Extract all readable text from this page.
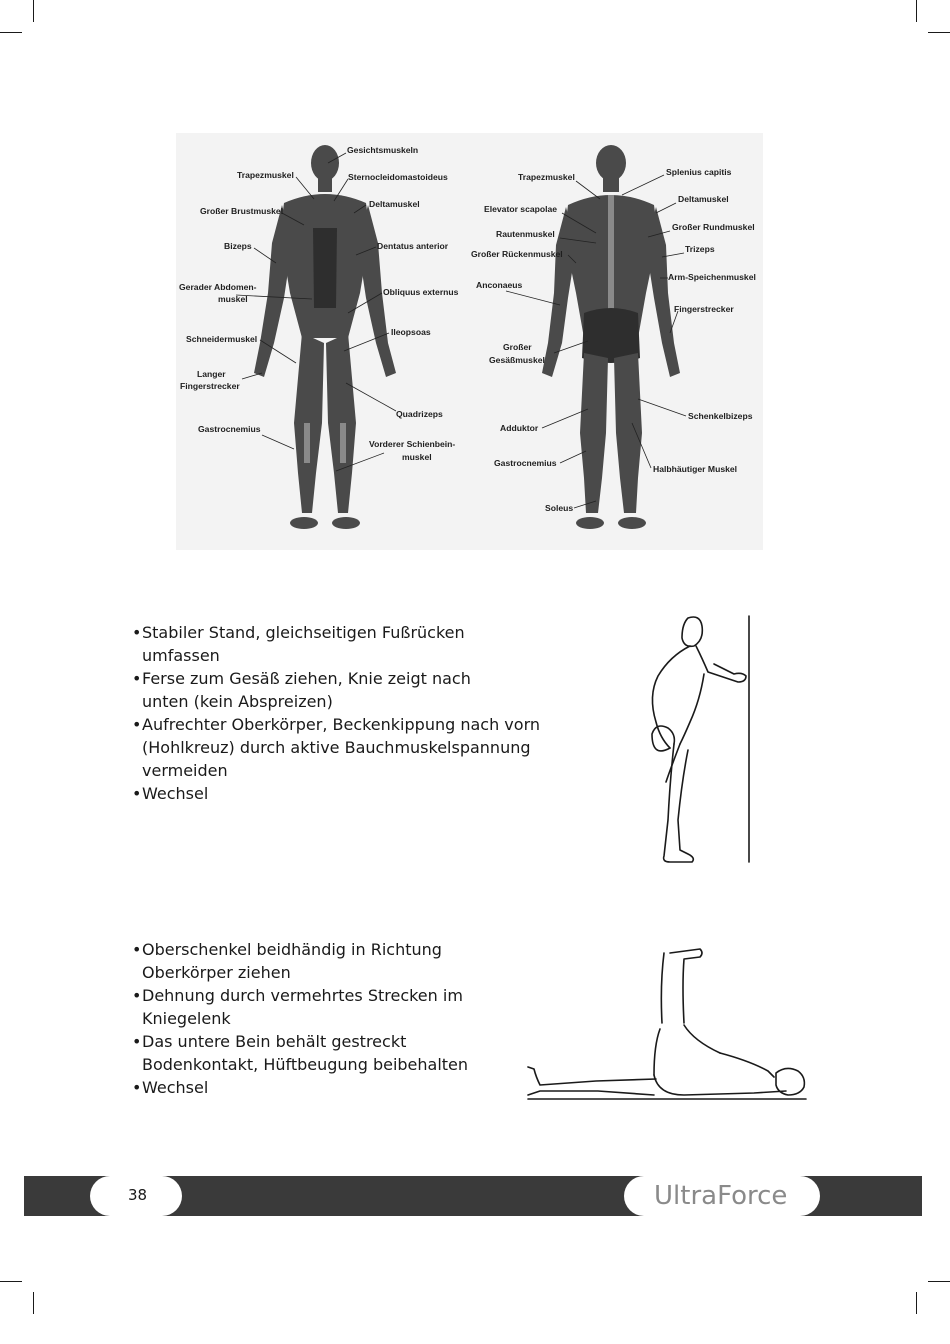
Gesichtsmuskeln
Trapezmuskel	Sternocleidomastoideus
Großer Brustmuskel
Deltamuskel
Bizeps	Dentatus anterior
Gerader Abdomen-
muskel
Obliquus externus
Ileopsoas
Schneidermuskel
Langer
Fingerstrecker
Quadrizeps
Gastrocnemius
Vorderer Schienbein-
muskel
Trapezmuskel	Splenius capitis
Elevator scapolae
Deltamuskel
Rautenmuskel
Großer Rundmuskel
Großer Rückenmuskel	Trizeps
Arm-Speichenmuskel
Anconaeus
Fingerstrecker
Großer
Gesäßmuskel
Schenkelbizeps
Adduktor
Gastrocnemius
Halbhäutiger Muskel
Soleus
• Stabiler Stand, gleichseitigen Fußrücken
umfassen
• Ferse zum Gesäß ziehen, Knie zeigt nach
unten (kein Abspreizen)
• Aufrechter Oberkörper, Beckenkippung nach vorn
(Hohlkreuz) durch aktive Bauchmuskelspannung
vermeiden
• Wechsel
• Oberschenkel beidhändig in Richtung
Oberkörper ziehen
• Dehnung durch vermehrtes Strecken im
Kniegelenk
• Das untere Bein behält gestreckt
Bodenkontakt, Hüftbeugung beibehalten
• Wechsel
38	UltraForce
